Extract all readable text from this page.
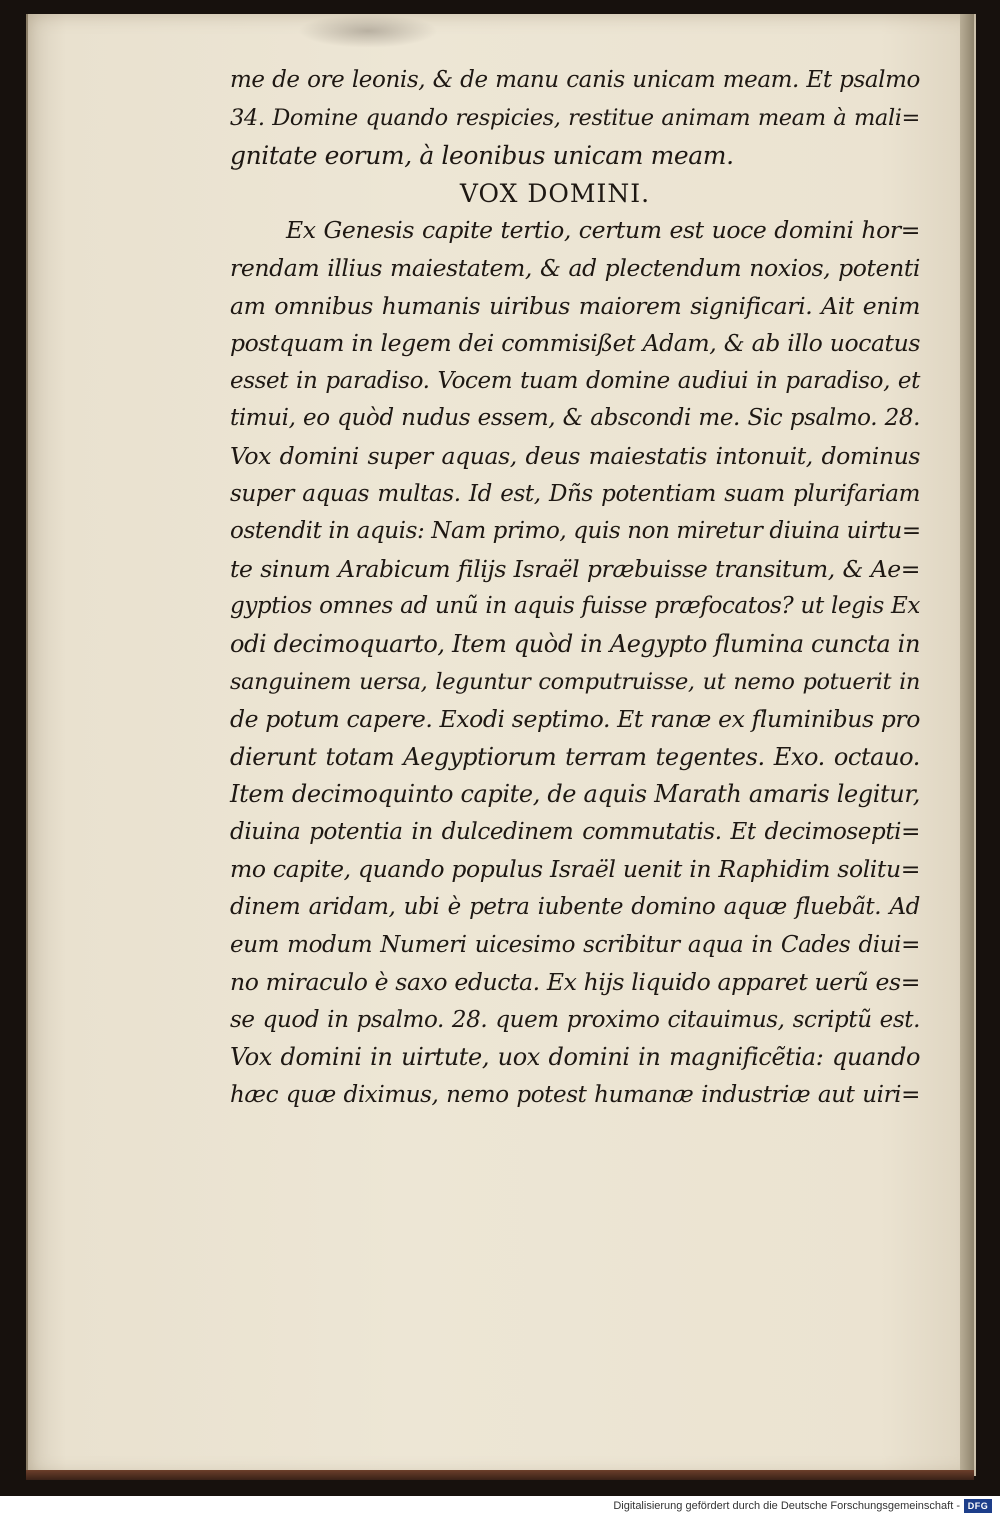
me de ore leonis, & de manu canis unicam meam. Et psalmo
34. Domine quando respicies, restitue animam meam à mali=
gnitate eorum, à leonibus unicam meam.
VOX DOMINI.
Ex Genesis capite tertio, certum est uoce domini hor=
rendam illius maiestatem, & ad plectendum noxios, potenti
am omnibus humanis uiribus maiorem significari. Ait enim
postquam in legem dei commisißet Adam, & ab illo uocatus
esset in paradiso. Vocem tuam domine audiui in paradiso, et
timui, eo quòd nudus essem, & abscondi me. Sic psalmo. 28.
Vox domini super aquas, deus maiestatis intonuit, dominus
super aquas multas. Id est, Dñs potentiam suam plurifariam
ostendit in aquis: Nam primo, quis non miretur diuina uirtu=
te sinum Arabicum filijs Israël præbuisse transitum, & Ae=
gyptios omnes ad unũ in aquis fuisse præfocatos? ut legis Ex
odi decimoquarto, Item quòd in Aegypto flumina cuncta in
sanguinem uersa, leguntur computruisse, ut nemo potuerit in
de potum capere. Exodi septimo. Et ranæ ex fluminibus pro
dierunt totam Aegyptiorum terram tegentes. Exo. octauo.
Item decimoquinto capite, de aquis Marath amaris legitur,
diuina potentia in dulcedinem commutatis. Et decimosepti=
mo capite, quando populus Israël uenit in Raphidim solitu=
dinem aridam, ubi è petra iubente domino aquæ fluebãt. Ad
eum modum Numeri uicesimo scribitur aqua in Cades diui=
no miraculo è saxo educta. Ex hijs liquido apparet uerũ es=
se quod in psalmo. 28. quem proximo citauimus, scriptũ est.
Vox domini in uirtute, uox domini in magnificẽtia: quando
hæc quæ diximus, nemo potest humanæ industriæ aut uiri=
Digitalisierung gefördert durch die Deutsche Forschungsgemeinschaft - DFG
